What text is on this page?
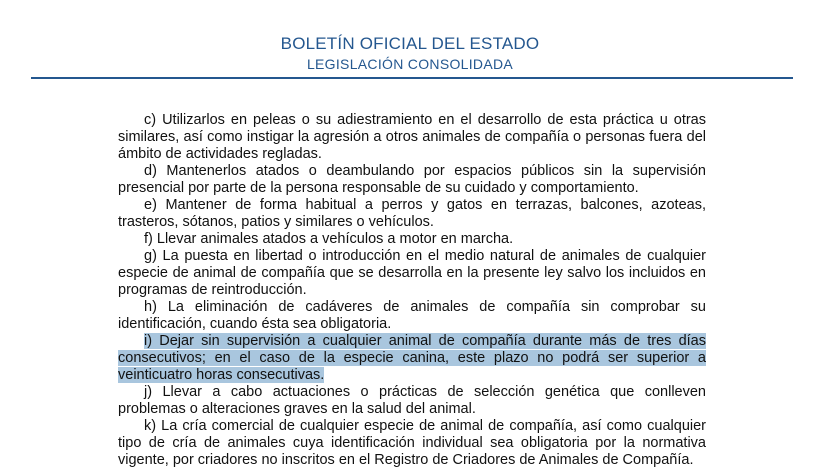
BOLETÍN OFICIAL DEL ESTADO
LEGISLACIÓN CONSOLIDADA

c) Utilizarlos en peleas o su adiestramiento en el desarrollo de esta práctica u otras similares, así como instigar la agresión a otros animales de compañía o personas fuera del ámbito de actividades regladas.

d) Mantenerlos atados o deambulando por espacios públicos sin la supervisión presencial por parte de la persona responsable de su cuidado y comportamiento.

e) Mantener de forma habitual a perros y gatos en terrazas, balcones, azoteas, trasteros, sótanos, patios y similares o vehículos.

f) Llevar animales atados a vehículos a motor en marcha.

g) La puesta en libertad o introducción en el medio natural de animales de cualquier especie de animal de compañía que se desarrolla en la presente ley salvo los incluidos en programas de reintroducción.

h) La eliminación de cadáveres de animales de compañía sin comprobar su identificación, cuando ésta sea obligatoria.

i) Dejar sin supervisión a cualquier animal de compañía durante más de tres días consecutivos; en el caso de la especie canina, este plazo no podrá ser superior a veinticuatro horas consecutivas.

j) Llevar a cabo actuaciones o prácticas de selección genética que conlleven problemas o alteraciones graves en la salud del animal.

k) La cría comercial de cualquier especie de animal de compañía, así como cualquier tipo de cría de animales cuya identificación individual sea obligatoria por la normativa vigente, por criadores no inscritos en el Registro de Criadores de Animales de Compañía.
